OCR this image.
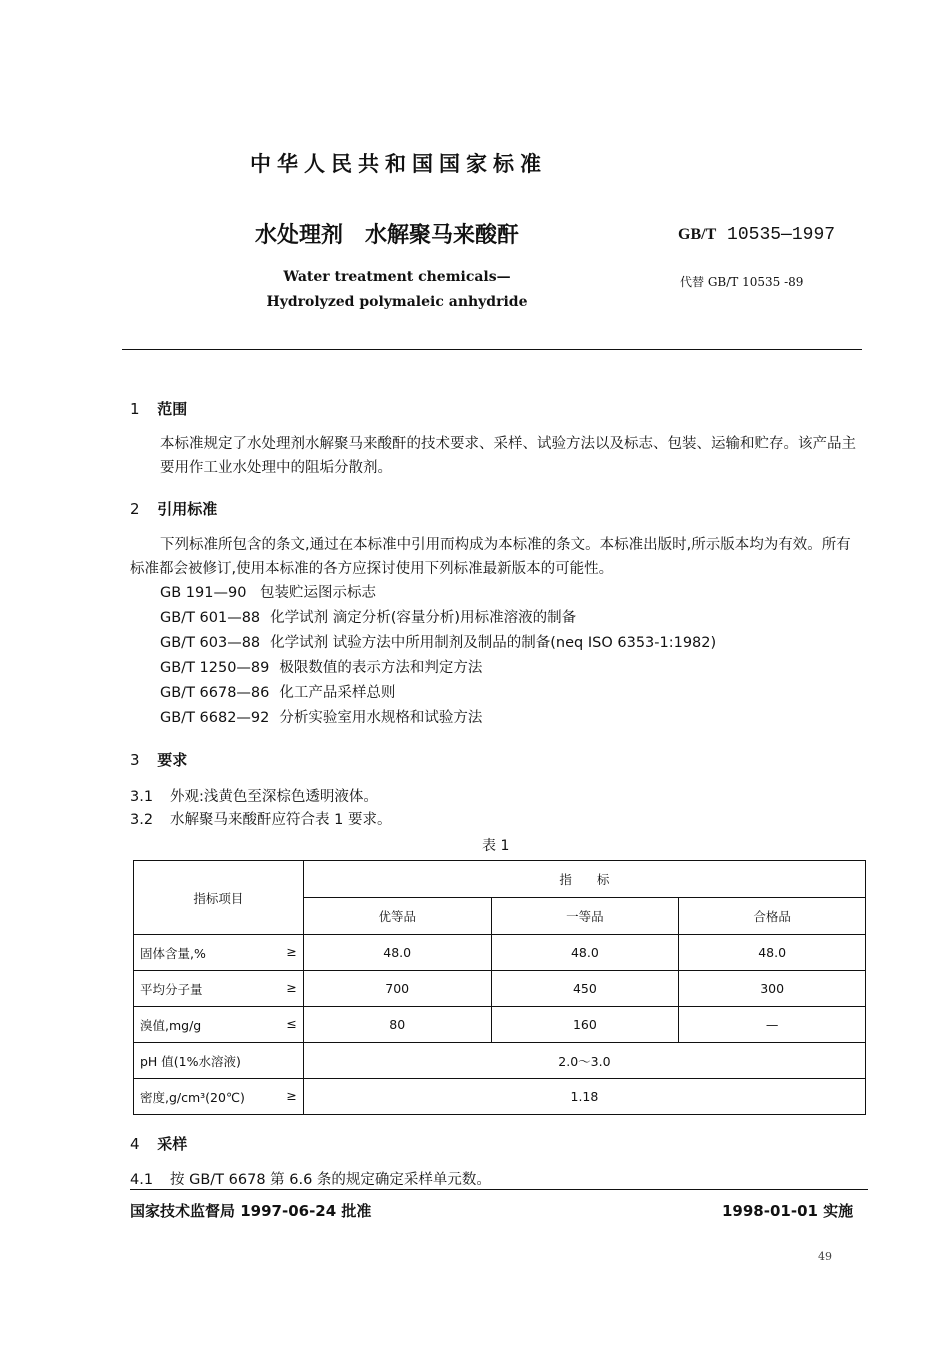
中华人民共和国国家标准
水处理剂 水解聚马来酸酐	GB/T 10535—1997
Water treatment chemicals—
Hydrolyzed polymaleic anhydride
代替 GB/T 10535 -89
1 范围
本标准规定了水处理剂水解聚马来酸酐的技术要求、采样、试验方法以及标志、包装、运输和贮存。该产品主要用作工业水处理中的阻垢分散剂。
2 引用标准
下列标准所包含的条文,通过在本标准中引用而构成为本标准的条文。本标准出版时,所示版本均为有效。所有标准都会被修订,使用本标准的各方应探讨使用下列标准最新版本的可能性。
GB 191—90 包装贮运图示标志
GB/T 601—88 化学试剂 滴定分析(容量分析)用标准溶液的制备
GB/T 603—88 化学试剂 试验方法中所用制剂及制品的制备(neq ISO 6353-1:1982)
GB/T 1250—89 极限数值的表示方法和判定方法
GB/T 6678—86 化工产品采样总则
GB/T 6682—92 分析实验室用水规格和试验方法
3 要求
3.1 外观:浅黄色至深棕色透明液体。
3.2 水解聚马来酸酐应符合表 1 要求。
表 1
指标项目	指　　标		
	优等品	一等品	合格品
固体含量,% ≥	48.0	48.0	48.0
平均分子量 ≥	700	450	300
溴值,mg/g ≤	80	160	—
pH 值(1%水溶液)	2.0～3.0		
密度,g/cm³(20℃) ≥	1.18		
4 采样
4.1 按 GB/T 6678 第 6.6 条的规定确定采样单元数。
国家技术监督局 1997-06-24 批准	1998-01-01 实施
49
